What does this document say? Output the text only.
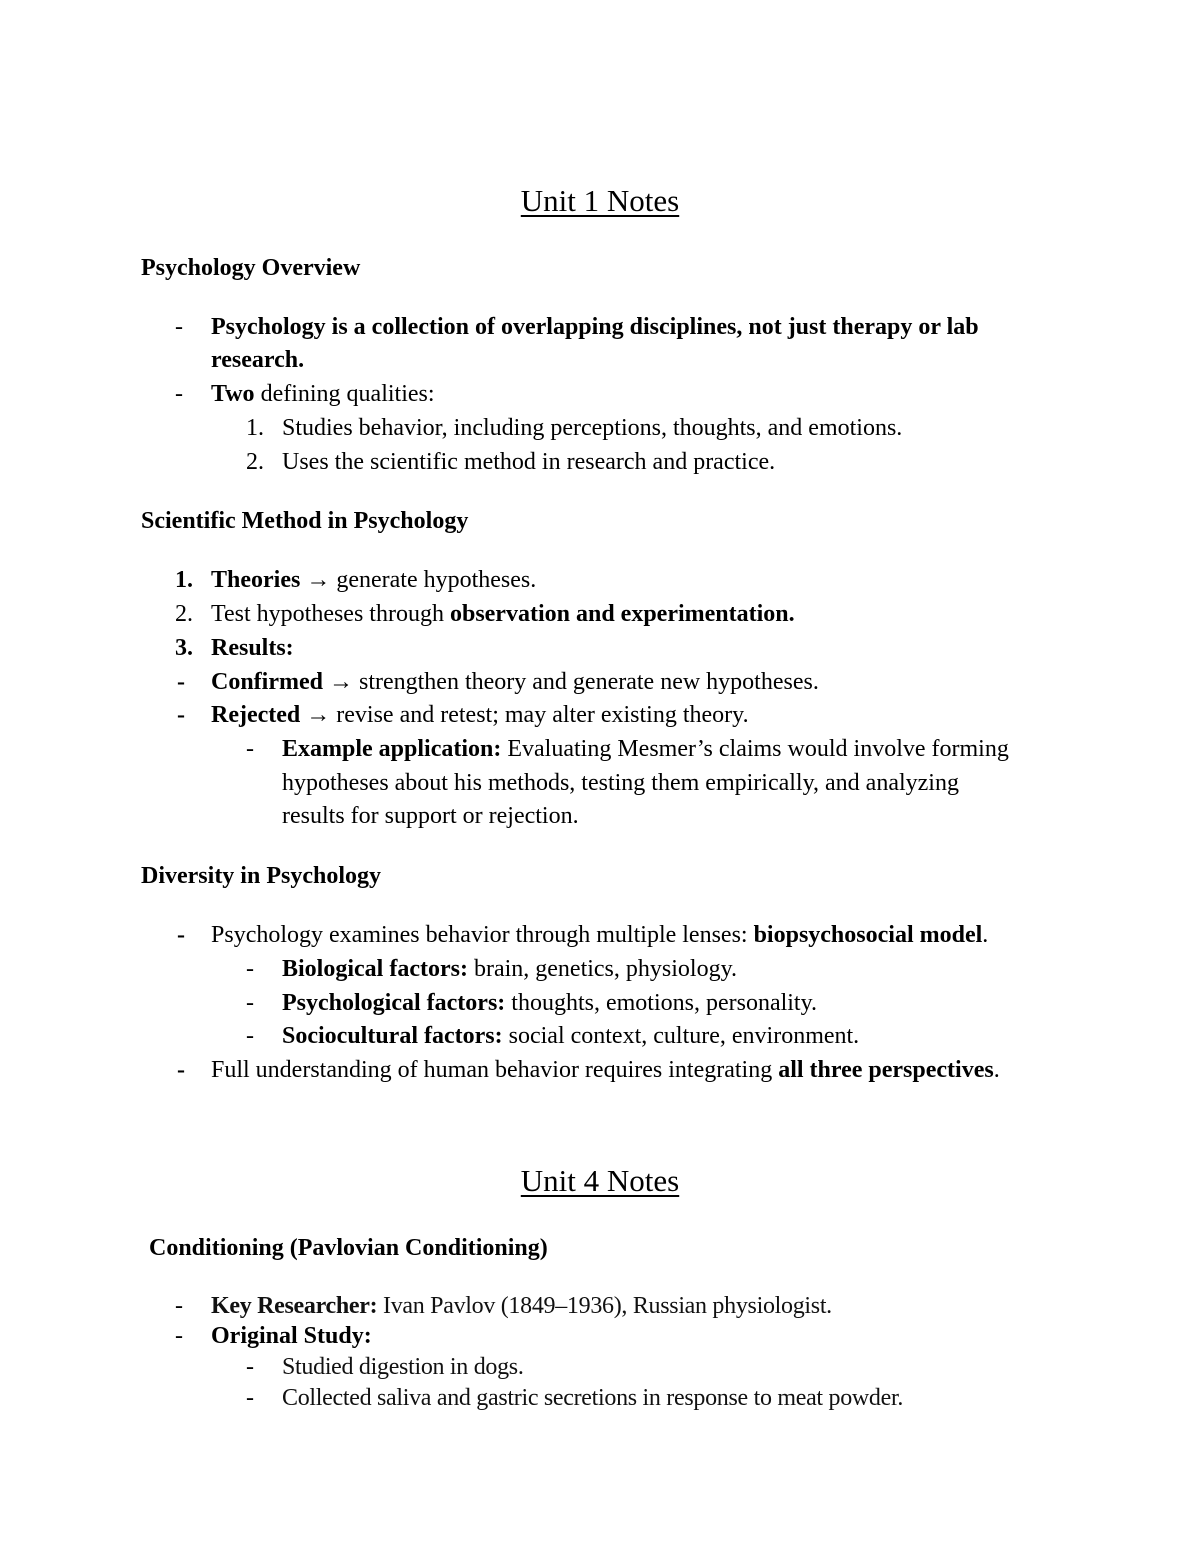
Unit 1 Notes
Psychology Overview
- Psychology is a collection of overlapping disciplines, not just therapy or lab
research.
- Two defining qualities:
1. Studies behavior, including perceptions, thoughts, and emotions.
2. Uses the scientific method in research and practice.
Scientific Method in Psychology
1. Theories → generate hypotheses.
2. Test hypotheses through observation and experimentation.
3. Results:
- Confirmed → strengthen theory and generate new hypotheses.
- Rejected → revise and retest; may alter existing theory.
- Example application: Evaluating Mesmer’s claims would involve forming
hypotheses about his methods, testing them empirically, and analyzing
results for support or rejection.
Diversity in Psychology
- Psychology examines behavior through multiple lenses: biopsychosocial model.
- Biological factors: brain, genetics, physiology.
- Psychological factors: thoughts, emotions, personality.
- Sociocultural factors: social context, culture, environment.
- Full understanding of human behavior requires integrating all three perspectives.
Unit 4 Notes
Conditioning (Pavlovian Conditioning)
- Key Researcher: Ivan Pavlov (1849–1936), Russian physiologist.
- Original Study:
- Studied digestion in dogs.
- Collected saliva and gastric secretions in response to meat powder.
